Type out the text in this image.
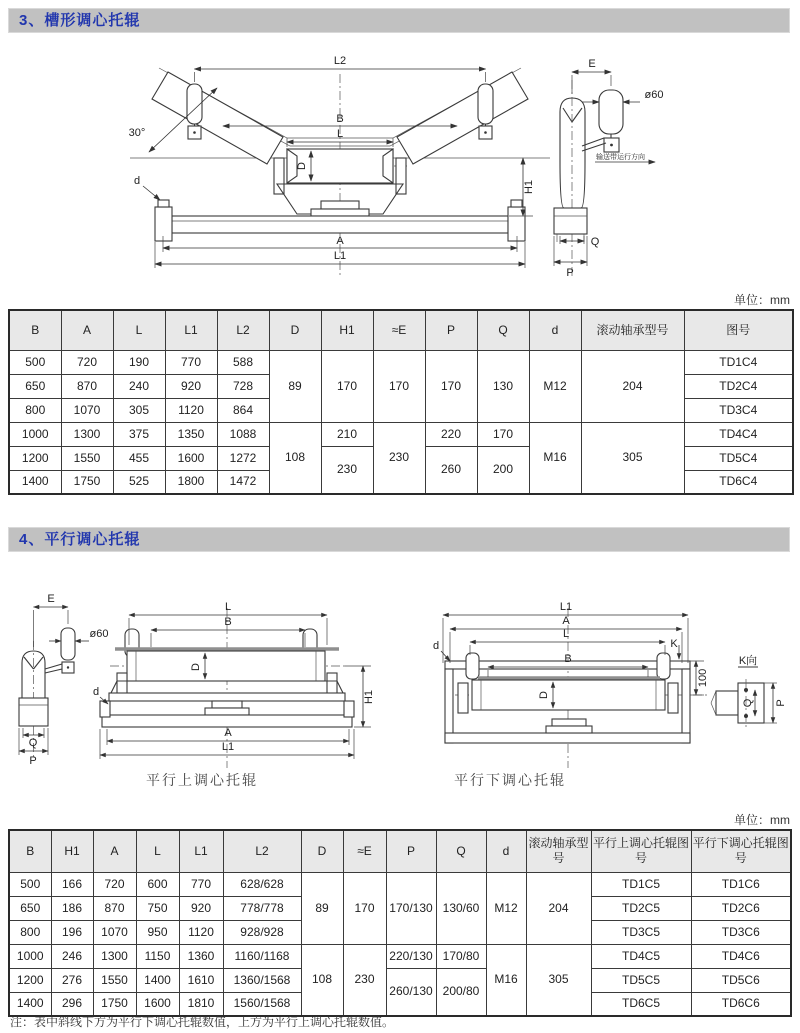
3、槽形调心托辊
30°
L2
B
L
D
H1
d
A
L1
E
ø60
输送带运行方向
Q
P
单位：mm
B	A	L	L1	L2	D	H1	≈E	P	Q	d	滚动轴承型号	图号
500	720	190	770	588	89	170	170	170	130	M12	204	TD1C4
650	870	240	920	728								TD2C4
800	1070	305	1120	864								TD3C4
1000	1300	375	1350	1088	108	210	230	220	170	M16	305	TD4C4
1200	1550	455	1600	1272		230		260	200			TD5C4
1400	1750	525	1800	1472								TD6C4
4、平行调心托辊
E
ø60
Q
P
L
B
D
H1
d
A
L1
L1
A
L
K
B
d
100
D
K向
Q P
平行上调心托辊	平行下调心托辊
单位：mm
B	H1	A	L	L1	L2	D	≈E	P	Q	d	滚动轴承型号	平行上调心托辊图号	平行下调心托辊图号
500	166	720	600	770	628/628	89	170	170/130	130/60	M12	204	TD1C5	TD1C6
650	186	870	750	920	778/778							TD2C5	TD2C6
800	196	1070	950	1120	928/928							TD3C5	TD3C6
1000	246	1300	1150	1360	1160/1168	108	230	220/130	170/80	M16	305	TD4C5	TD4C6
1200	276	1550	1400	1610	1360/1568			260/130	200/80			TD5C5	TD5C6
1400	296	1750	1600	1810	1560/1568							TD6C5	TD6C6
注：表中斜线下方为平行下调心托辊数值，上方为平行上调心托辊数值。
